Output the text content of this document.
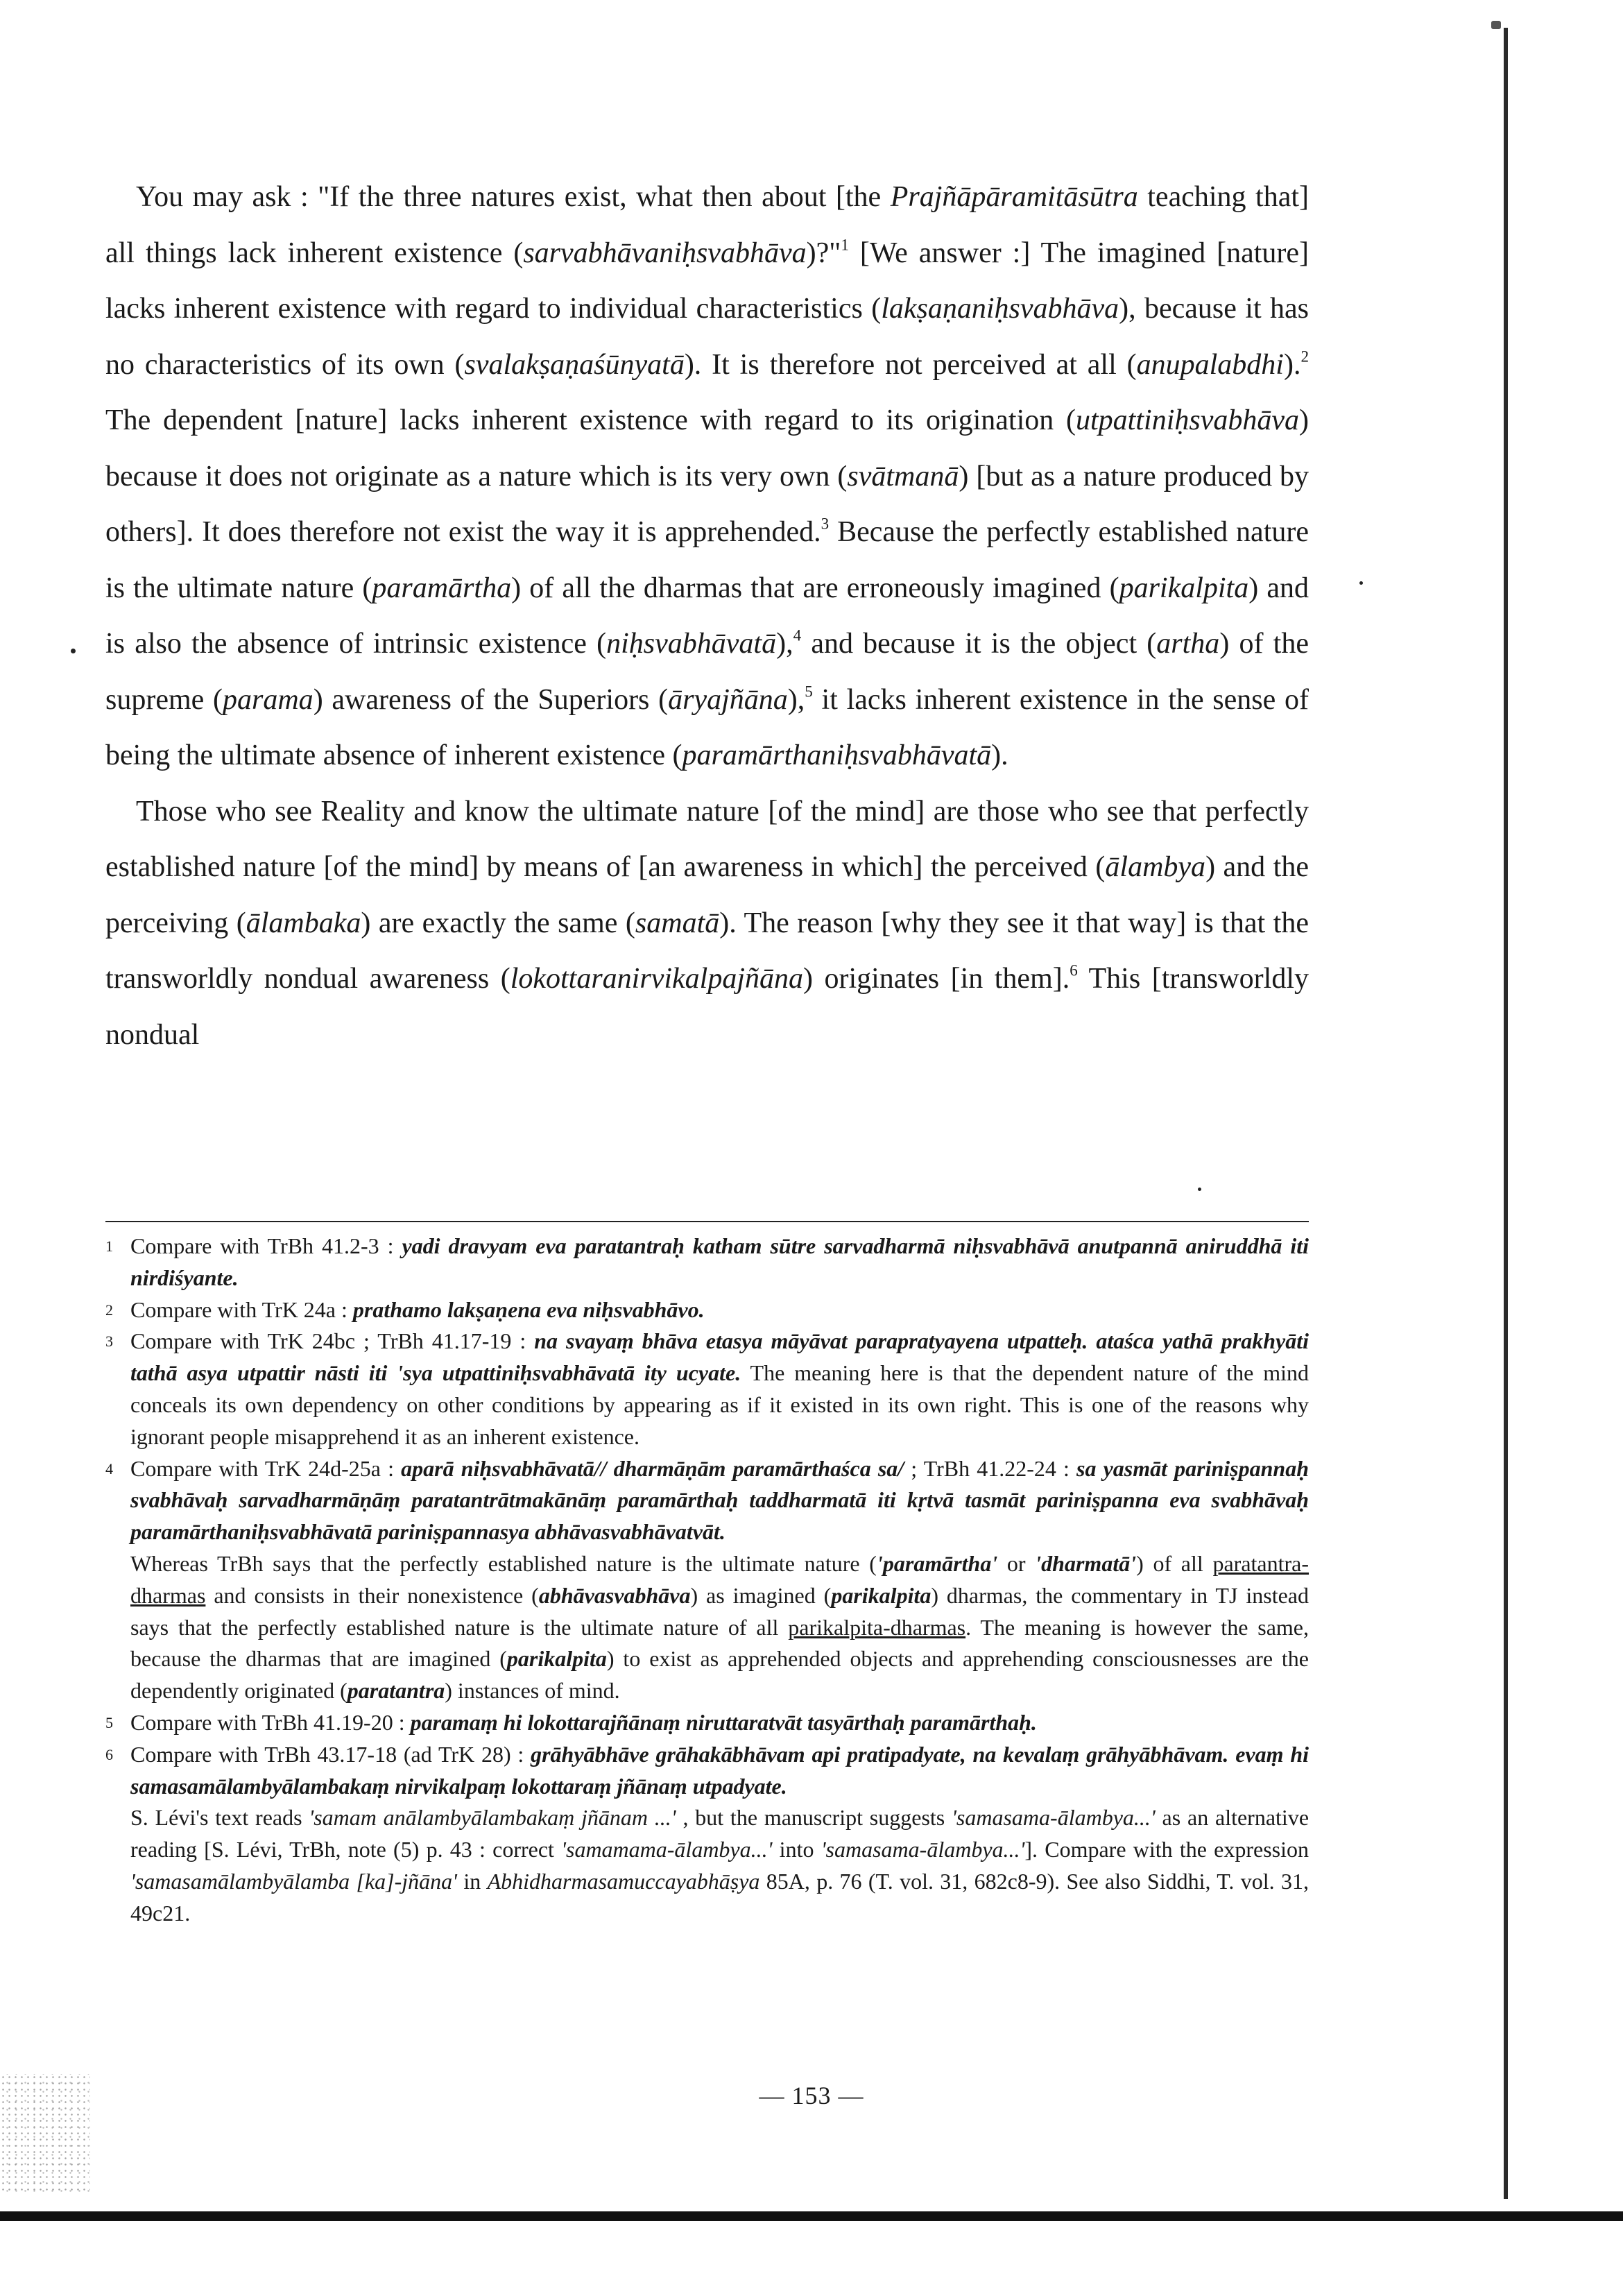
You may ask : "If the three natures exist, what then about [the Prajñāpāramitāsūtra teaching that] all things lack inherent existence (sarvabhāvaniḥsvabhāva)?"$^1$ [We answer :] The imagined [nature] lacks inherent existence with regard to individual characteristics (lakṣaṇaniḥsvabhāva), because it has no characteristics of its own (svalakṣaṇaśūnyatā). It is therefore not perceived at all (anupalabdhi).$^2$ The dependent [nature] lacks inherent existence with regard to its origination (utpattiniḥsvabhāva) because it does not originate as a nature which is its very own (svātmanā) [but as a nature produced by others]. It does therefore not exist the way it is apprehended.$^3$ Because the perfectly established nature is the ultimate nature (paramārtha) of all the dharmas that are erroneously imagined (parikalpita) and is also the absence of intrinsic existence (niḥsvabhāvatā),$^4$ and because it is the object (artha) of the supreme (parama) awareness of the Superiors (āryajñāna),$^5$ it lacks inherent existence in the sense of being the ultimate absence of inherent existence (paramārthaniḥsvabhāvatā).

Those who see Reality and know the ultimate nature [of the mind] are those who see that perfectly established nature [of the mind] by means of [an awareness in which] the perceived (ālambya) and the perceiving (ālambaka) are exactly the same (samatā). The reason [why they see it that way] is that the transworldly nondual awareness (lokottaranirvikalpajñāna) originates [in them].$^6$ This [transworldly nondual

1 Compare with TrBh 41.2-3 : yadi dravyam eva paratantraḥ katham sūtre sarvadharmā niḥsvabhāvā anutpannā aniruddhā iti nirdiśyante.
2 Compare with TrK 24a : prathamo lakṣaṇena eva niḥsvabhāvo.
3 Compare with TrK 24bc ; TrBh 41.17-19 : na svayaṃ bhāva etasya māyāvat parapratyayena utpatteḥ. ataśca yathā prakhyāti tathā asya utpattir nāsti iti 'sya utpattiniḥsvabhāvatā ity ucyate. The meaning here is that the dependent nature of the mind conceals its own dependency on other conditions by appearing as if it existed in its own right. This is one of the reasons why ignorant people misapprehend it as an inherent existence.
4 Compare with TrK 24d-25a : aparā niḥsvabhāvatā// dharmāṇām paramārthaśca sa/ ; TrBh 41.22-24 : sa yasmāt pariniṣpannaḥ svabhāvaḥ sarvadharmāṇāṃ paratantrātmakānāṃ paramārthaḥ taddharmatā iti kṛtvā tasmāt pariniṣpanna eva svabhāvaḥ paramārthaniḥsvabhāvatā pariniṣpannasya abhāvasvabhāvatvāt.
Whereas TrBh says that the perfectly established nature is the ultimate nature ('paramārtha' or 'dharmatā') of all paratantra-dharmas and consists in their nonexistence (abhāvasvabhāva) as imagined (parikalpita) dharmas, the commentary in TJ instead says that the perfectly established nature is the ultimate nature of all parikalpita-dharmas. The meaning is however the same, because the dharmas that are imagined (parikalpita) to exist as apprehended objects and apprehending consciousnesses are the dependently originated (paratantra) instances of mind.
5 Compare with TrBh 41.19-20 : paramaṃ hi lokottarajñānaṃ niruttaratvāt tasyārthaḥ paramārthaḥ.
6 Compare with TrBh 43.17-18 (ad TrK 28) : grāhyābhāve grāhakābhāvam api pratipadyate, na kevalaṃ grāhyābhāvam. evaṃ hi samasamālambyālambakaṃ nirvikalpaṃ lokottaraṃ jñānaṃ utpadyate.
S. Lévi's text reads 'samam anālambyālambakaṃ jñānam ...' , but the manuscript suggests 'samasama-ālambya...' as an alternative reading [S. Lévi, TrBh, note (5) p. 43 : correct 'samamama-ālambya...' into 'samasama-ālambya...']. Compare with the expression 'samasamālambyālamba [ka]-jñāna' in Abhidharmasamuccayabhāṣya 85A, p. 76 (T. vol. 31, 682c8-9). See also Siddhi, T. vol. 31, 49c21.
— 153 —
